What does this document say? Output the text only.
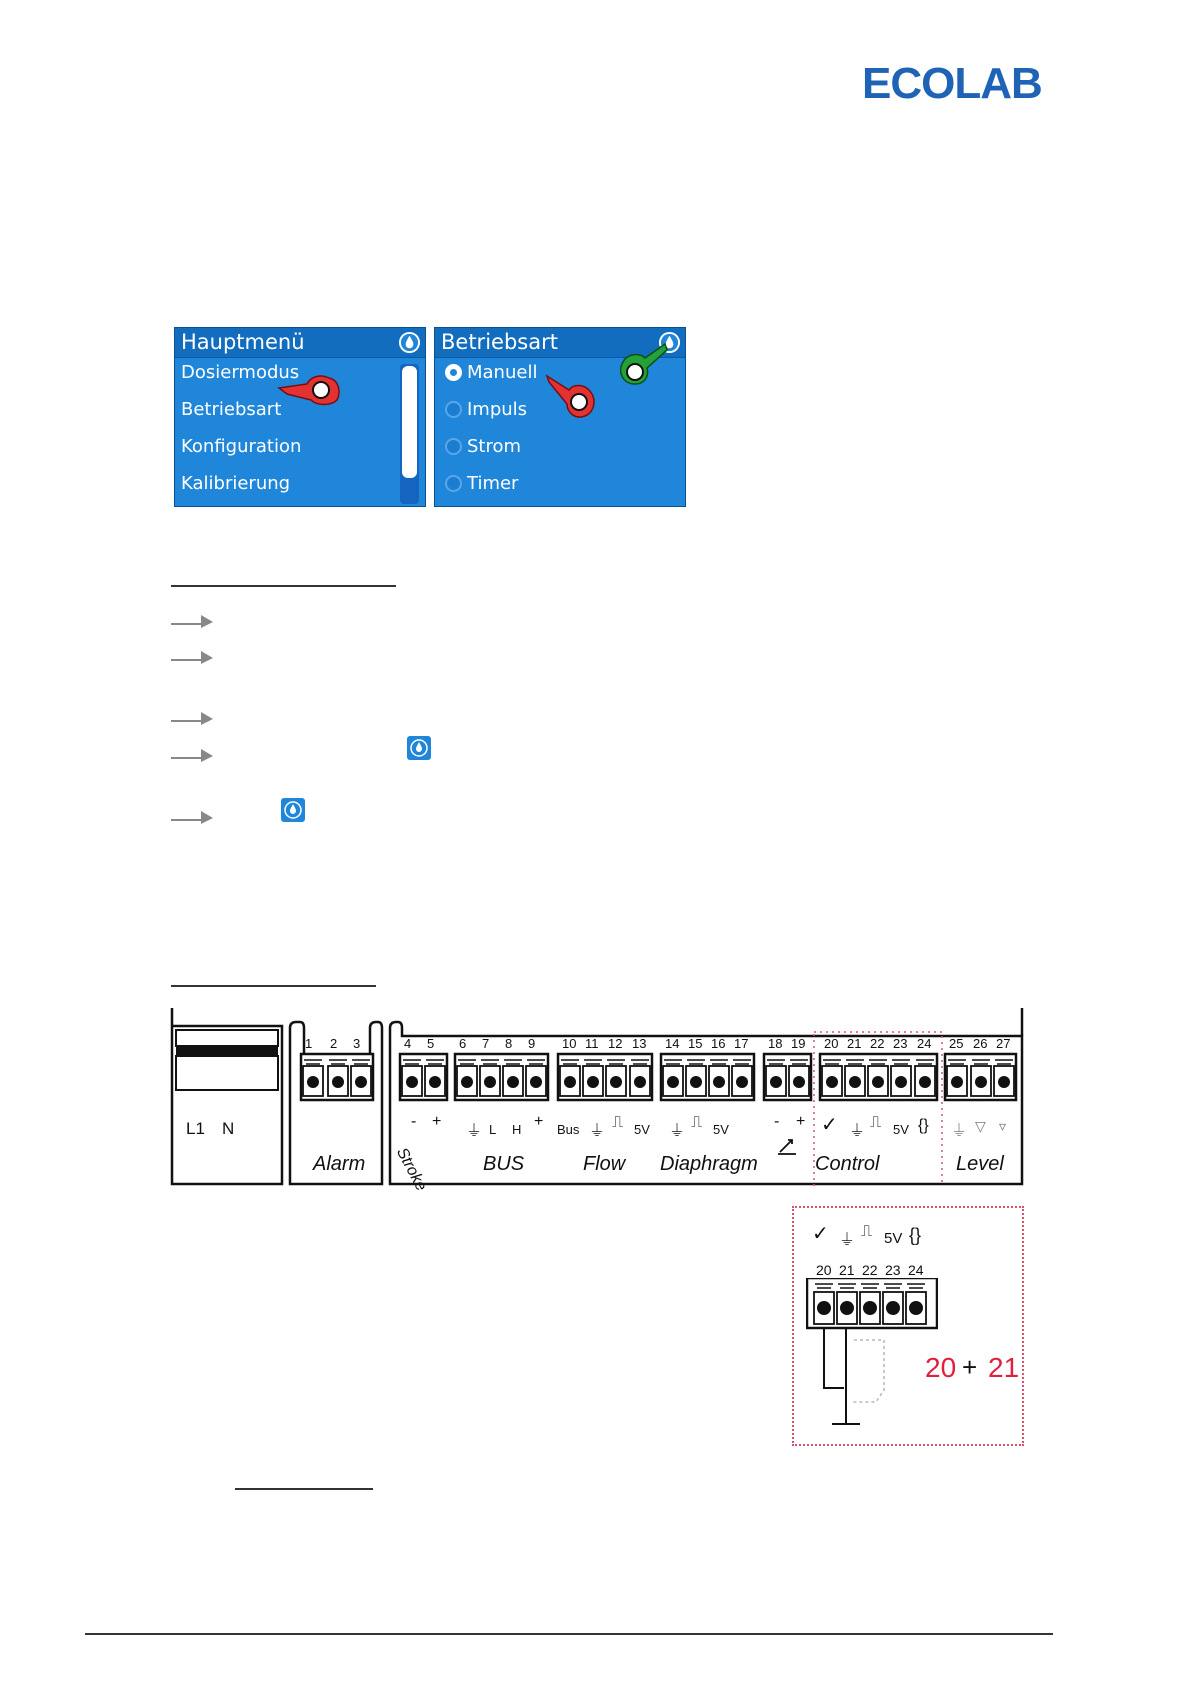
ECOLAB
Hauptmenü
Dosiermodus
Betriebsart
Konfiguration
Kalibrierung
Betriebsart
Manuell
Impuls
Strom
Timer
1 2 3	4 5 6 7 8 9 10 11 12 13 14 15 16 17 18 19 20 21 22 23 24 25 26 27
L1 N
Alarm Stroke	BUS	Flow Diaphragm	Control	Level
- +
⏚ L H + Bus ⏚
⎍ 5V ⏚
⎍ 5V	- + ✓ ⏚
⎍ 5V {} ⏚ ▽ ▿
✓ ⏚
⎍ 5V {}
20 21 22 23 24
20 + 21
